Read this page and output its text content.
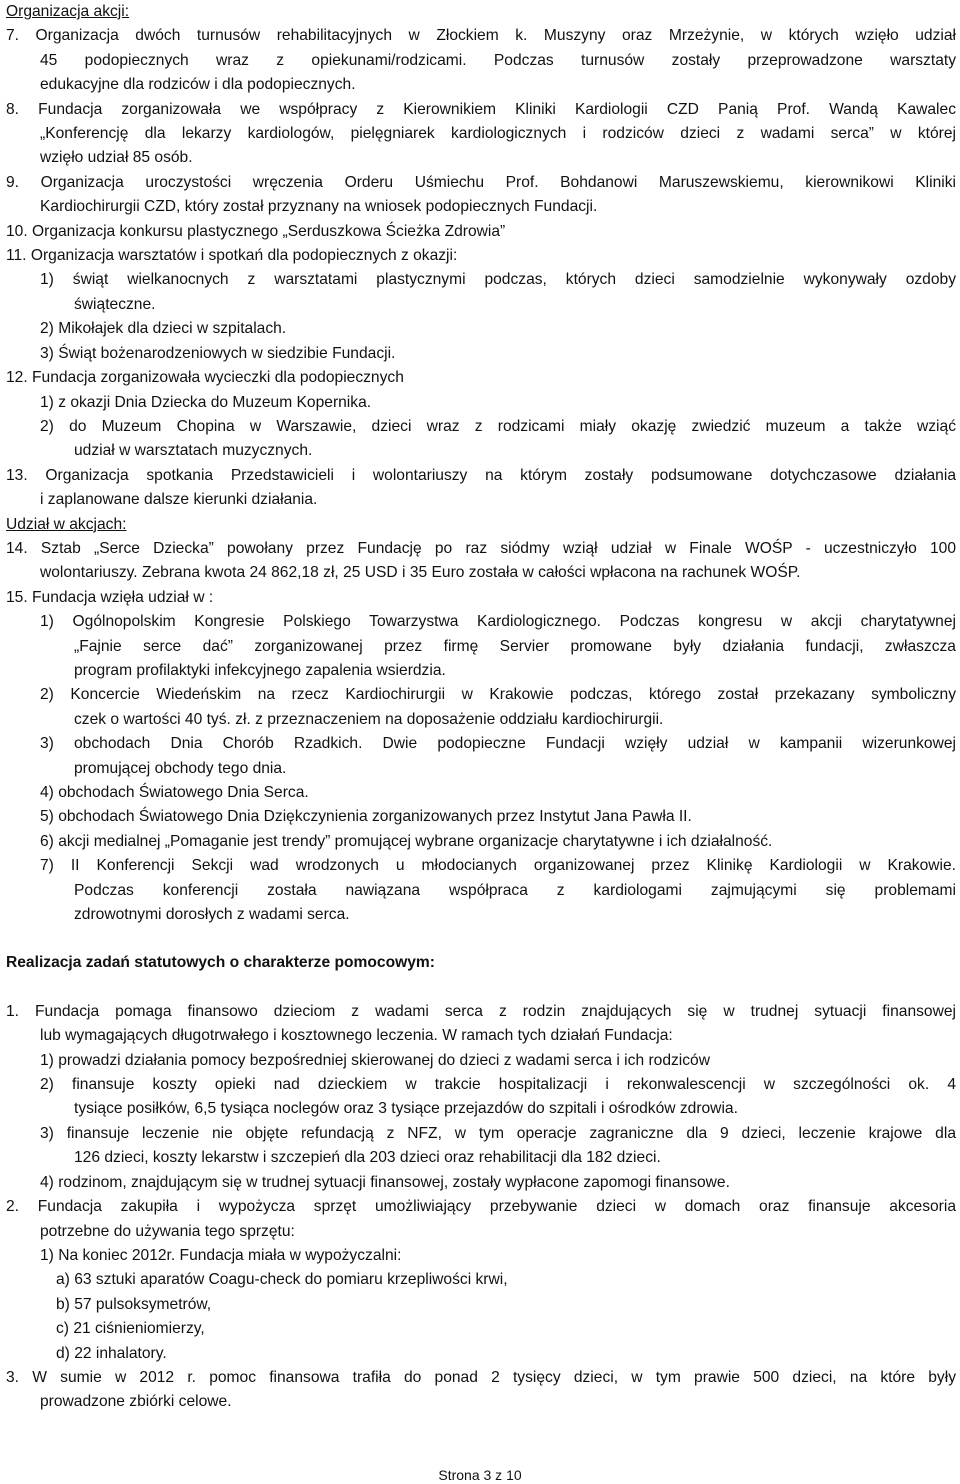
Organizacja akcji:
7. Organizacja dwóch turnusów rehabilitacyjnych w Złockiem k. Muszyny oraz Mrzeżynie, w których wzięło udział
45 podopiecznych wraz z opiekunami/rodzicami. Podczas turnusów zostały przeprowadzone warsztaty
edukacyjne dla rodziców i dla podopiecznych.
8. Fundacja zorganizowała we współpracy z Kierownikiem Kliniki Kardiologii CZD Panią Prof. Wandą Kawalec
„Konferencję dla lekarzy kardiologów, pielęgniarek kardiologicznych i rodziców dzieci z wadami serca” w której
wzięło udział 85 osób.
9. Organizacja uroczystości wręczenia Orderu Uśmiechu Prof. Bohdanowi Maruszewskiemu, kierownikowi Kliniki
Kardiochirurgii CZD, który został przyznany na wniosek podopiecznych Fundacji.
10. Organizacja konkursu plastycznego „Serduszkowa Ścieżka Zdrowia”
11. Organizacja warsztatów i spotkań dla podopiecznych z okazji:
1) świąt wielkanocnych z warsztatami plastycznymi podczas, których dzieci samodzielnie wykonywały ozdoby
świąteczne.
2) Mikołajek dla dzieci w szpitalach.
3) Świąt bożenarodzeniowych w siedzibie Fundacji.
12. Fundacja zorganizowała wycieczki dla podopiecznych
1) z okazji Dnia Dziecka do Muzeum Kopernika.
2) do Muzeum Chopina w Warszawie, dzieci wraz z rodzicami miały okazję zwiedzić muzeum a także wziąć
udział w warsztatach muzycznych.
13. Organizacja spotkania Przedstawicieli i wolontariuszy na którym zostały podsumowane dotychczasowe działania
i zaplanowane dalsze kierunki działania.
Udział w akcjach:
14. Sztab „Serce Dziecka” powołany przez Fundację po raz siódmy wziął udział w Finale WOŚP - uczestniczyło 100
wolontariuszy. Zebrana kwota 24 862,18 zł, 25 USD i 35 Euro została w całości wpłacona na rachunek WOŚP.
15. Fundacja wzięła udział w :
1) Ogólnopolskim Kongresie Polskiego Towarzystwa Kardiologicznego. Podczas kongresu w akcji charytatywnej
„Fajnie serce dać” zorganizowanej przez firmę Servier promowane były działania fundacji, zwłaszcza
program profilaktyki infekcyjnego zapalenia wsierdzia.
2) Koncercie Wiedeńskim na rzecz Kardiochirurgii w Krakowie podczas, którego został przekazany symboliczny
czek o wartości 40 tyś. zł. z przeznaczeniem na doposażenie oddziału kardiochirurgii.
3) obchodach Dnia Chorób Rzadkich. Dwie podopieczne Fundacji wzięły udział w kampanii wizerunkowej
promującej obchody tego dnia.
4) obchodach Światowego Dnia Serca.
5) obchodach Światowego Dnia Dziękczynienia zorganizowanych przez Instytut Jana Pawła II.
6) akcji medialnej „Pomaganie jest trendy” promującej wybrane organizacje charytatywne i ich działalność.
7) II Konferencji Sekcji wad wrodzonych u młodocianych organizowanej przez Klinikę Kardiologii w Krakowie.
Podczas konferencji została nawiązana współpraca z kardiologami zajmującymi się problemami
zdrowotnymi dorosłych z wadami serca.
Realizacja zadań statutowych o charakterze pomocowym:
1. Fundacja pomaga finansowo dzieciom z wadami serca z rodzin znajdujących się w trudnej sytuacji finansowej
lub wymagających długotrwałego i kosztownego leczenia. W ramach tych działań Fundacja:
1) prowadzi działania pomocy bezpośredniej skierowanej do dzieci z wadami serca i ich rodziców
2) finansuje koszty opieki nad dzieckiem w trakcie hospitalizacji i rekonwalescencji w szczególności ok. 4
tysiące posiłków, 6,5 tysiąca noclegów oraz 3 tysiące przejazdów do szpitali i ośrodków zdrowia.
3) finansuje leczenie nie objęte refundacją z NFZ, w tym operacje zagraniczne dla 9 dzieci, leczenie krajowe dla
126 dzieci, koszty lekarstw i szczepień dla 203 dzieci oraz rehabilitacji dla 182 dzieci.
4) rodzinom, znajdującym się w trudnej sytuacji finansowej, zostały wypłacone zapomogi finansowe.
2. Fundacja zakupiła i wypożycza sprzęt umożliwiający przebywanie dzieci w domach oraz finansuje akcesoria
potrzebne do używania tego sprzętu:
1) Na koniec 2012r. Fundacja miała w wypożyczalni:
a) 63 sztuki aparatów Coagu-check do pomiaru krzepliwości krwi,
b) 57 pulsoksymetrów,
c) 21 ciśnieniomierzy,
d) 22 inhalatory.
3. W sumie w 2012 r. pomoc finansowa trafiła do ponad 2 tysięcy dzieci, w tym prawie 500 dzieci, na które były
prowadzone zbiórki celowe.
Strona 3 z 10
